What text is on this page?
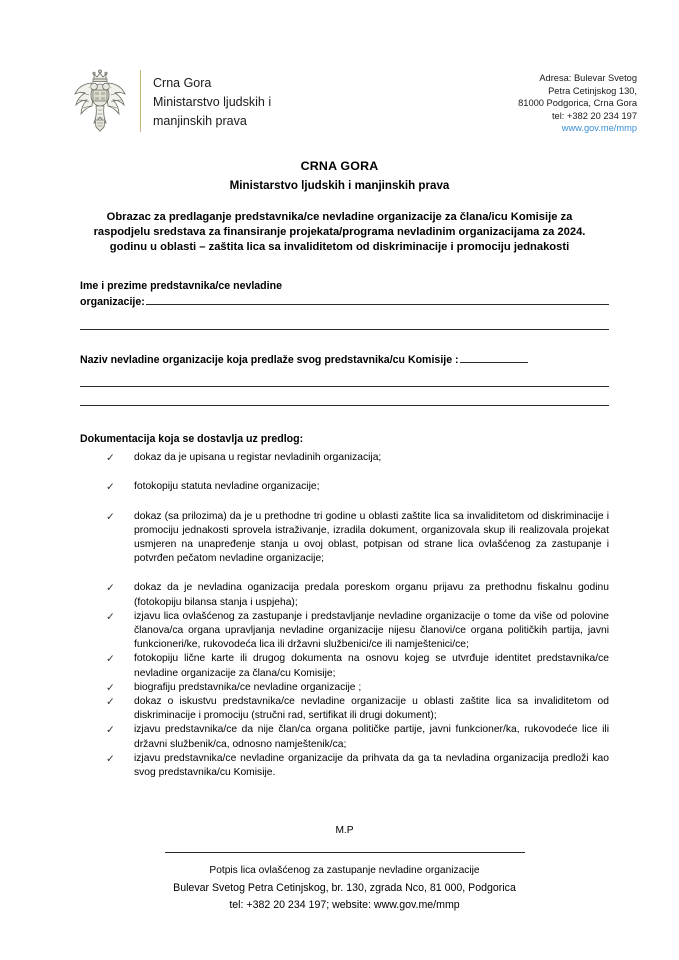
Crna Gora
Ministarstvo ljudskih i
manjinskih prava
Adresa: Bulevar Svetog
Petra Cetinjskog 130,
81000 Podgorica, Crna Gora
tel: +382 20 234 197
www.gov.me/mmp
CRNA GORA
Ministarstvo ljudskih i manjinskih prava
Obrazac za predlaganje predstavnika/ce nevladine organizacije za člana/icu Komisije za raspodjelu sredstava za finansiranje projekata/programa nevladinim organizacijama za 2024. godinu u oblasti – zaštita lica sa invaliditetom od diskriminacije i promociju jednakosti
Ime i prezime predstavnika/ce nevladine
organizacije:
Naziv nevladine organizacije koja predlaže svog predstavnika/cu Komisije :
Dokumentacija koja se dostavlja uz predlog:
✓ dokaz da je upisana u registar nevladinih organizacija;
✓ fotokopiju statuta nevladine organizacije;
✓ dokaz (sa prilozima) da je u prethodne tri godine u oblasti zaštite lica sa invaliditetom od diskriminacije i promociju jednakosti sprovela istraživanje, izradila dokument, organizovala skup ili realizovala projekat usmjeren na unapređenje stanja u ovoj oblast, potpisan od strane lica ovlašćenog za zastupanje i potvrđen pečatom nevladine organizacije;
✓ dokaz da je nevladina oganizacija predala poreskom organu prijavu za prethodnu fiskalnu godinu (fotokopiju bilansa stanja i uspjeha);
✓ izjavu lica ovlašćenog za zastupanje i predstavljanje nevladine organizacije o tome da više od polovine članova/ca organa upravljanja nevladine organizacije nijesu članovi/ce organa političkih partija, javni funkcioneri/ke, rukovodeća lica ili državni službenici/ce ili namještenici/ce;
✓ fotokopiju lične karte ili drugog dokumenta na osnovu kojeg se utvrđuje identitet predstavnika/ce nevladine organizacije za člana/cu Komisije;
✓ biografiju predstavnika/ce nevladine organizacije ;
✓ dokaz o iskustvu predstavnika/ce nevladine organizacije u oblasti zaštite lica sa invaliditetom od diskriminacije i promociju (stručni rad, sertifikat ili drugi dokument);
✓ izjavu predstavnika/ce da nije član/ca organa političke partije, javni funkcioner/ka, rukovodeće lice ili državni službenik/ca, odnosno namještenik/ca;
✓ izjavu predstavnika/ce nevladine organizacije da prihvata da ga ta nevladina organizacija predloži kao svog predstavnika/cu Komisije.
M.P
Potpis lica ovlašćenog za zastupanje nevladine organizacije
Bulevar Svetog Petra Cetinjskog, br. 130, zgrada Nco, 81 000, Podgorica
tel: +382 20 234 197; website: www.gov.me/mmp
